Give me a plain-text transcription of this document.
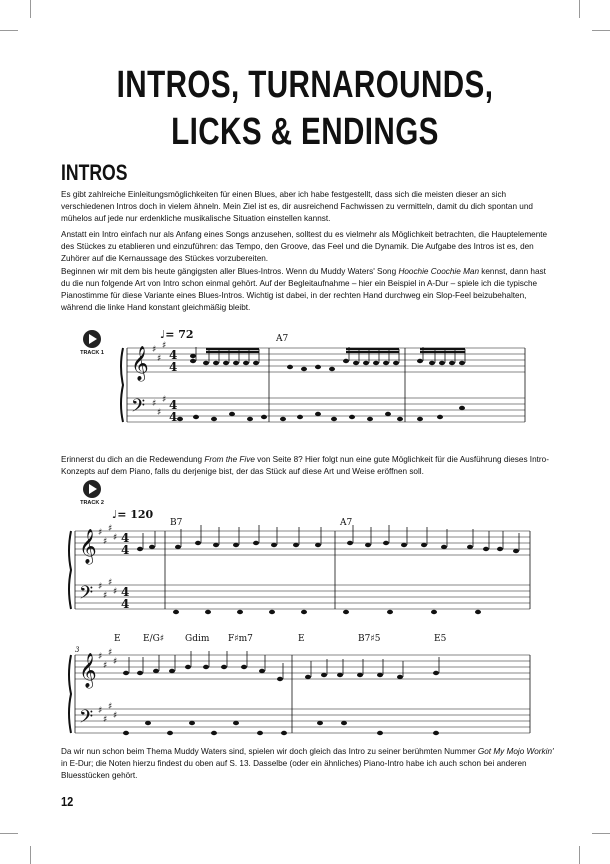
INTROS, TURNAROUNDS,
LICKS & ENDINGS
INTROS

Es gibt zahlreiche Einleitungsmöglichkeiten für einen Blues, aber ich habe festgestellt, dass sich die meisten dieser an sich verschiedenen Intros doch in vielem ähneln. Mein Ziel ist es, dir ausreichend Fachwissen zu vermitteln, damit du dich spontan und mühelos auf jede nur erdenkliche musikalische Situation einstellen kannst.

Anstatt ein Intro einfach nur als Anfang eines Songs anzusehen, solltest du es vielmehr als Möglichkeit betrachten, die Hauptelemente des Stückes zu etablieren und einzuführen: das Tempo, den Groove, das Feel und die Dynamik. Die Aufgabe des Intros ist es, den Zuhörer auf die Kernaussage des Stückes vorzubereiten.

Beginnen wir mit dem bis heute gängigsten aller Blues-Intros. Wenn du Muddy Waters' Song Hoochie Coochie Man kennst, dann hast du die nun folgende Art von Intro schon einmal gehört. Auf der Begleitaufnahme – hier ein Beispiel in A-Dur – spiele ich die typische Pianostimme für diese Variante eines Blues-Intros. Wichtig ist dabei, in der rechten Hand durchweg ein Slop-Feel beizubehalten, während die linke Hand konstant gleichmäßig bleibt.

TRACK 1 𝄞
𝄢
𝄞
𝄢
𝄞
𝄢
♯
♯
♯
♯
♯
♯
♯
♯
♯
♯
♯
♯
♯
♯
♯
♯
♯
♯
♯
♯
♯
♯
4
4
4
4
4
4
4
4
♩= 72	A7

Erinnerst du dich an die Redewendung From the Five von Seite 8? Hier folgt nun eine gute Möglichkeit für die Ausführung dieses Intro-Konzepts auf dem Piano, falls du derjenige bist, der das Stück auf diese Art und Weise eröffnen soll.

TRACK 2
♩= 120
B7	A7
3
E E/G♯ Gdim F♯m7	E	B7♯5	E5

Da wir nun schon beim Thema Muddy Waters sind, spielen wir doch gleich das Intro zu seiner berühmten Nummer Got My Mojo Workin' in E-Dur; die Noten hierzu findest du oben auf S. 13. Dasselbe (oder ein ähnliches) Piano-Intro habe ich auch schon bei anderen Bluesstücken gehört.

12
